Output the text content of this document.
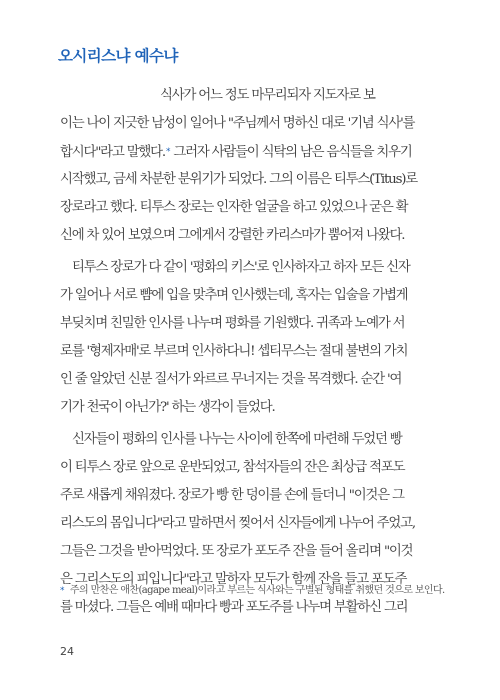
오시리스냐 예수냐
식사가 어느 정도 마무리되자 지도자로 보
이는 나이 지긋한 남성이 일어나 "주님께서 명하신 대로 '기념 식사'를
합시다"라고 말했다.* 그러자 사람들이 식탁의 남은 음식들을 치우기
시작했고, 금세 차분한 분위기가 되었다. 그의 이름은 티투스(Titus)로
장로라고 했다. 티투스 장로는 인자한 얼굴을 하고 있었으나 굳은 확
신에 차 있어 보였으며 그에게서 강렬한 카리스마가 뿜어져 나왔다.
티투스 장로가 다 같이 '평화의 키스'로 인사하자고 하자 모든 신자
가 일어나 서로 뺨에 입을 맞추며 인사했는데, 혹자는 입술을 가볍게
부딪치며 친밀한 인사를 나누며 평화를 기원했다. 귀족과 노예가 서
로를 '형제자매'로 부르며 인사하다니! 셉티무스는 절대 불변의 가치
인 줄 알았던 신분 질서가 와르르 무너지는 것을 목격했다. 순간 '여
기가 천국이 아닌가?' 하는 생각이 들었다.
신자들이 평화의 인사를 나누는 사이에 한쪽에 마련해 두었던 빵
이 티투스 장로 앞으로 운반되었고, 참석자들의 잔은 최상급 적포도
주로 새롭게 채워졌다. 장로가 빵 한 덩이를 손에 들더니 "이것은 그
리스도의 몸입니다"라고 말하면서 찢어서 신자들에게 나누어 주었고,
그들은 그것을 받아먹었다. 또 장로가 포도주 잔을 들어 올리며 "이것
은 그리스도의 피입니다"라고 말하자 모두가 함께 잔을 들고 포도주
를 마셨다. 그들은 예배 때마다 빵과 포도주를 나누며 부활하신 그리
* 주의 만찬은 애찬(agape meal)이라고 부르는 식사와는 구별된 형태를 취했던 것으로 보인다.
24
